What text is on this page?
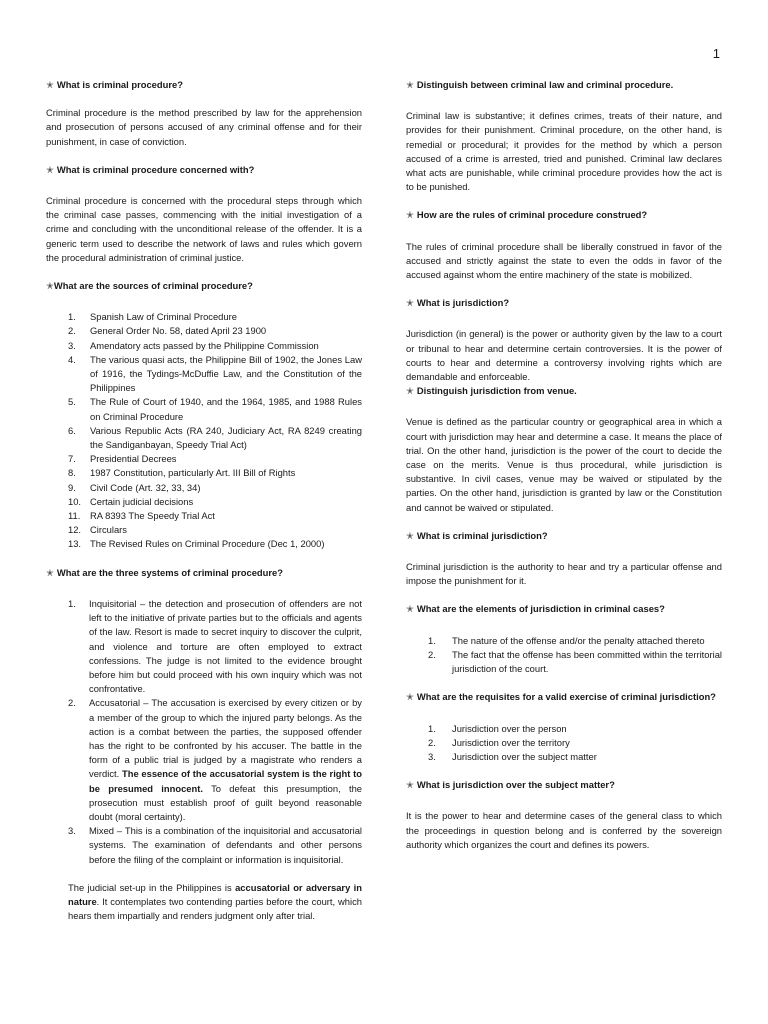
1
✭ What is criminal procedure?

Criminal procedure is the method prescribed by law for the apprehension and prosecution of persons accused of any criminal offense and for their punishment, in case of conviction.

✭ What is criminal procedure concerned with?

Criminal procedure is concerned with the procedural steps through which the criminal case passes, commencing with the initial investigation of a crime and concluding with the unconditional release of the offender. It is a generic term used to describe the network of laws and rules which govern the procedural administration of criminal justice.

✭What are the sources of criminal procedure?
1. Spanish Law of Criminal Procedure
2. General Order No. 58, dated April 23 1900
3. Amendatory acts passed by the Philippine Commission
4. The various quasi acts, the Philippine Bill of 1902, the Jones Law of 1916, the Tydings-McDuffie Law, and the Constitution of the Philippines
5. The Rule of Court of 1940, and the 1964, 1985, and 1988 Rules on Criminal Procedure
6. Various Republic Acts (RA 240, Judiciary Act, RA 8249 creating the Sandiganbayan, Speedy Trial Act)
7. Presidential Decrees
8. 1987 Constitution, particularly Art. III Bill of Rights
9. Civil Code (Art. 32, 33, 34)
10. Certain judicial decisions
11. RA 8393 The Speedy Trial Act
12. Circulars
13. The Revised Rules on Criminal Procedure (Dec 1, 2000)
✭ What are the three systems of criminal procedure?
1. Inquisitorial – the detection and prosecution of offenders are not left to the initiative of private parties but to the officials and agents of the law. Resort is made to secret inquiry to discover the culprit, and violence and torture are often employed to extract confessions. The judge is not limited to the evidence brought before him but could proceed with his own inquiry which was not confrontative.
2. Accusatorial – The accusation is exercised by every citizen or by a member of the group to which the injured party belongs. As the action is a combat between the parties, the supposed offender has the right to be confronted by his accuser. The battle in the form of a public trial is judged by a magistrate who renders a verdict. The essence of the accusatorial system is the right to be presumed innocent. To defeat this presumption, the prosecution must establish proof of guilt beyond reasonable doubt (moral certainty).
3. Mixed – This is a combination of the inquisitorial and accusatorial systems. The examination of defendants and other persons before the filing of the complaint or information is inquisitorial.

The judicial set-up in the Philippines is accusatorial or adversary in nature. It contemplates two contending parties before the court, which hears them impartially and renders judgment only after trial.

✭ Distinguish between criminal law and criminal procedure.

Criminal law is substantive; it defines crimes, treats of their nature, and provides for their punishment. Criminal procedure, on the other hand, is remedial or procedural; it provides for the method by which a person accused of a crime is arrested, tried and punished. Criminal law declares what acts are punishable, while criminal procedure provides how the act is to be punished.

✭ How are the rules of criminal procedure construed?

The rules of criminal procedure shall be liberally construed in favor of the accused and strictly against the state to even the odds in favor of the accused against whom the entire machinery of the state is mobilized.

✭ What is jurisdiction?

Jurisdiction (in general) is the power or authority given by the law to a court or tribunal to hear and determine certain controversies. It is the power of courts to hear and determine a controversy involving rights which are demandable and enforceable.

✭ Distinguish jurisdiction from venue.

Venue is defined as the particular country or geographical area in which a court with jurisdiction may hear and determine a case. It means the place of trial. On the other hand, jurisdiction is the power of the court to decide the case on the merits. Venue is thus procedural, while jurisdiction is substantive. In civil cases, venue may be waived or stipulated by the parties. On the other hand, jurisdiction is granted by law or the Constitution and cannot be waived or stipulated.

✭ What is criminal jurisdiction?

Criminal jurisdiction is the authority to hear and try a particular offense and impose the punishment for it.

✭ What are the elements of jurisdiction in criminal cases?
1. The nature of the offense and/or the penalty attached thereto
2. The fact that the offense has been committed within the territorial jurisdiction of the court.
✭ What are the requisites for a valid exercise of criminal jurisdiction?
1. Jurisdiction over the person
2. Jurisdiction over the territory
3. Jurisdiction over the subject matter
✭ What is jurisdiction over the subject matter?

It is the power to hear and determine cases of the general class to which the proceedings in question belong and is conferred by the sovereign authority which organizes the court and defines its powers.
